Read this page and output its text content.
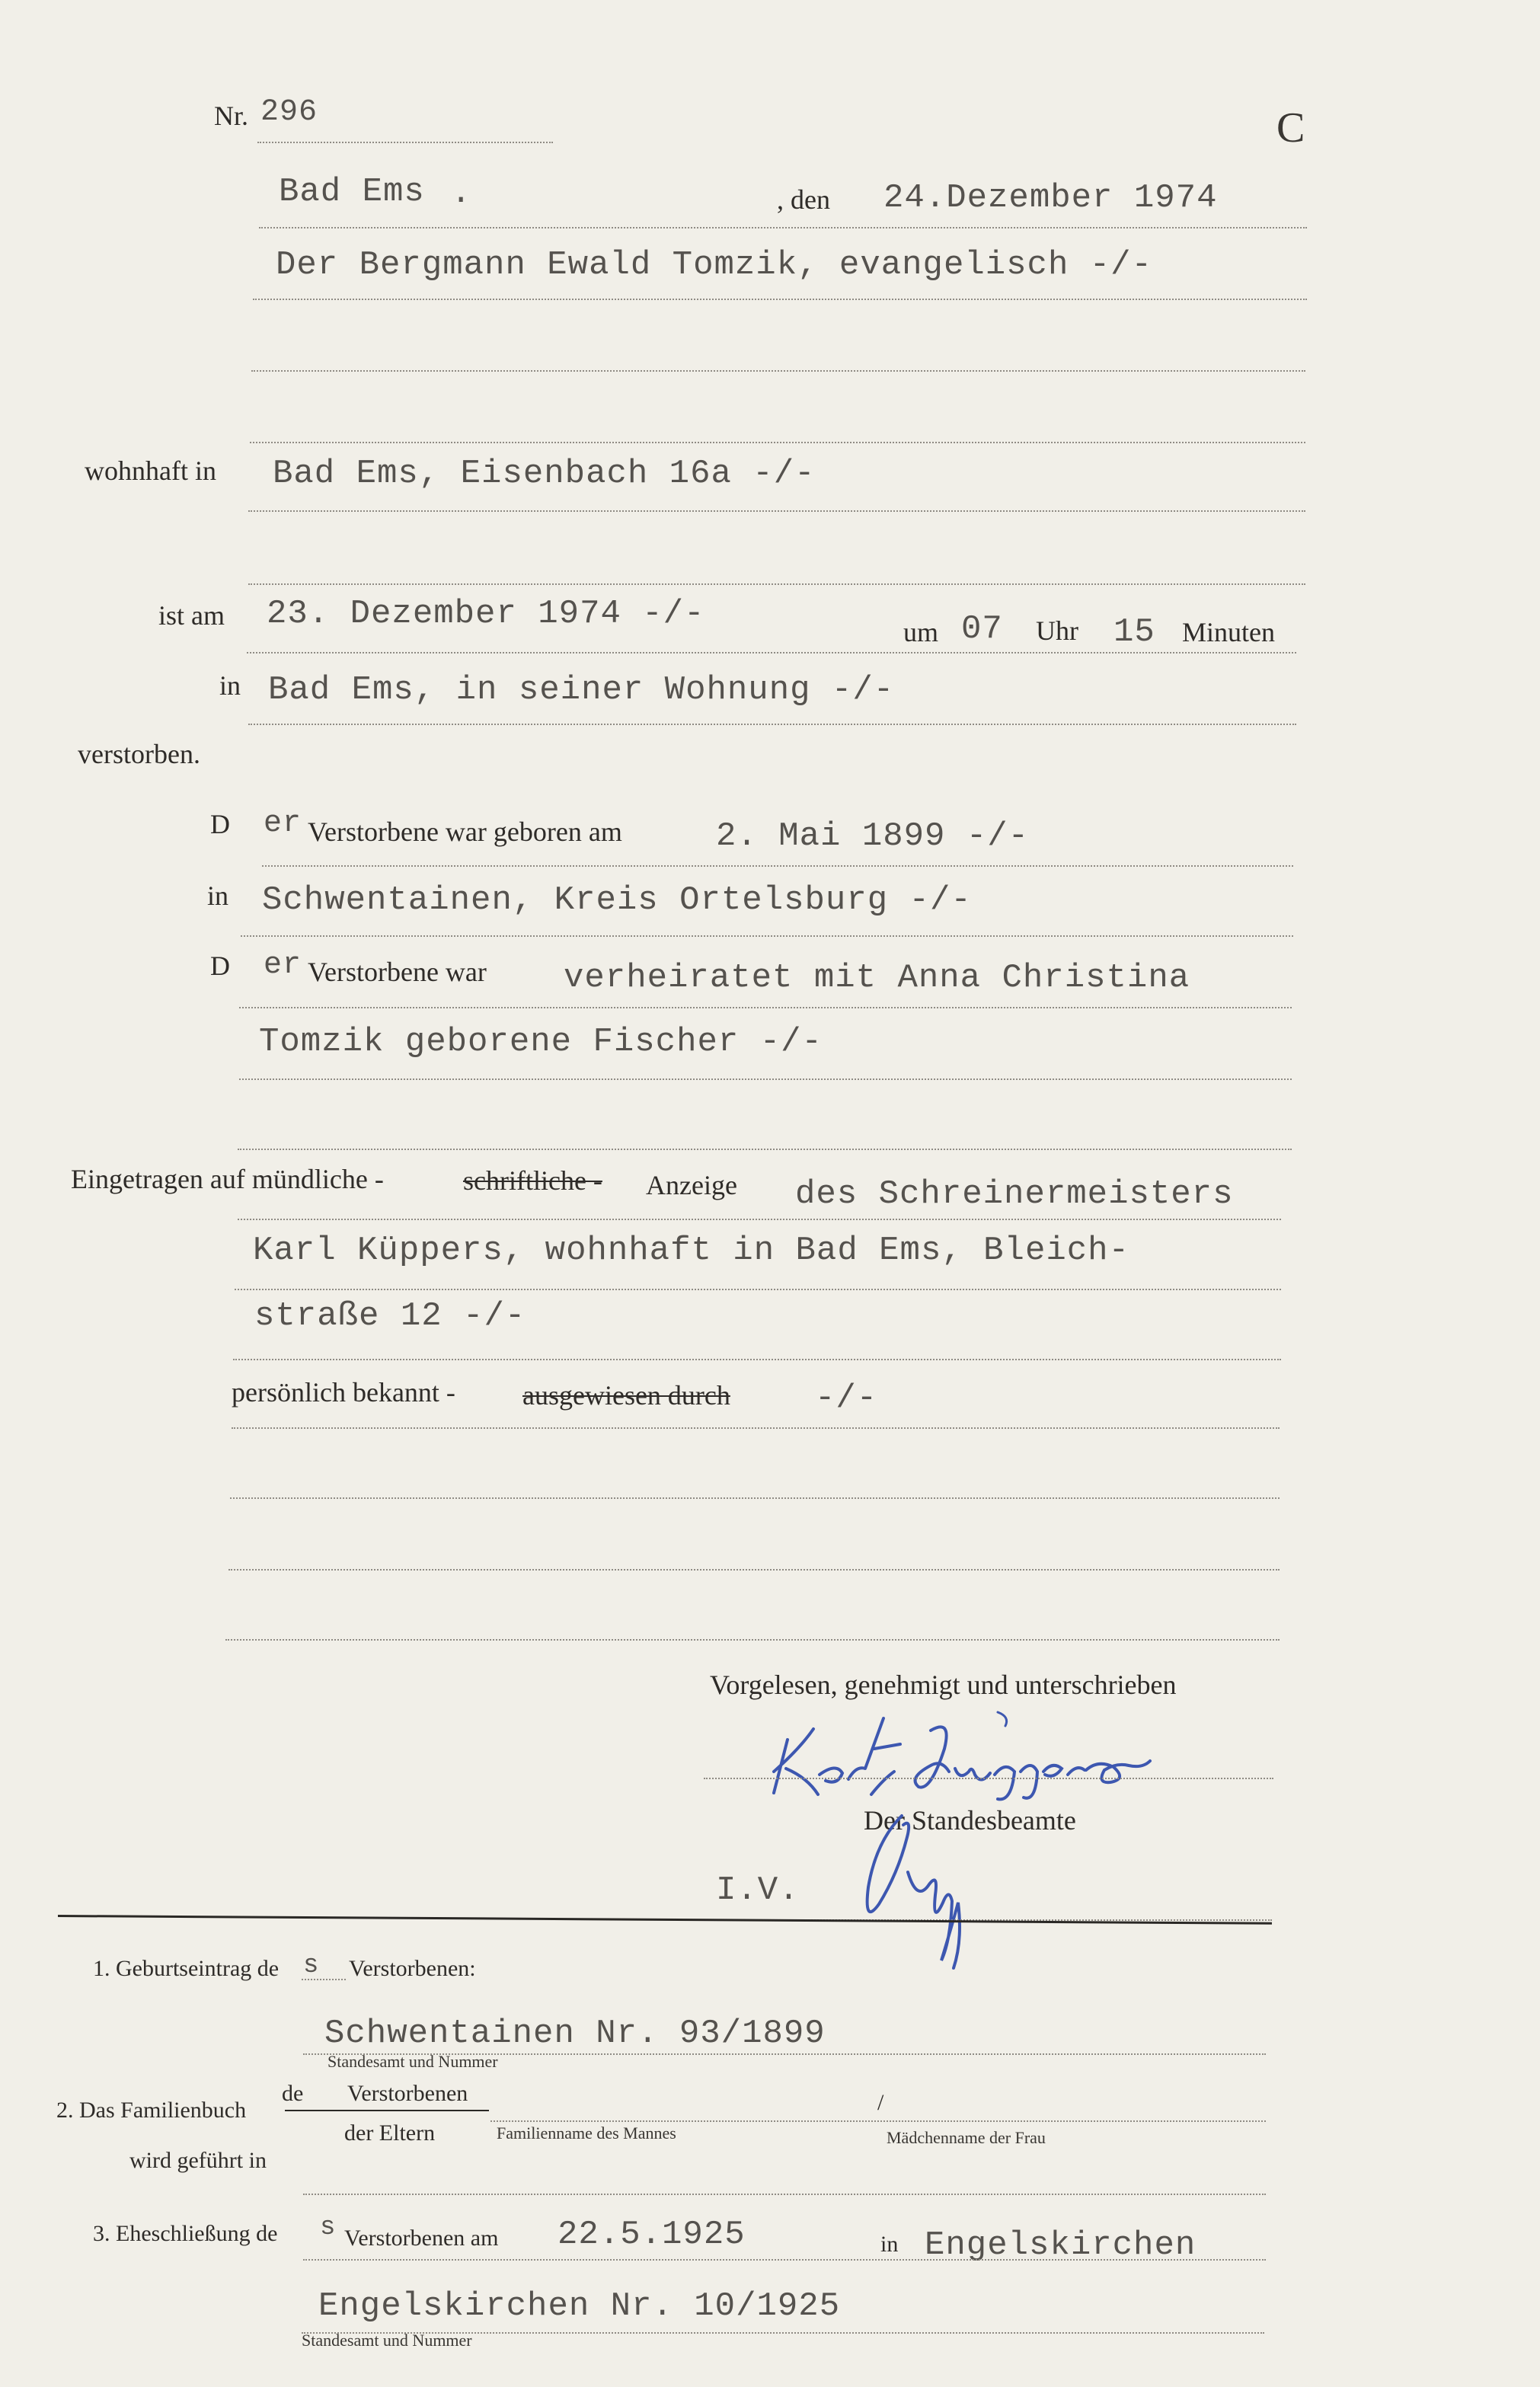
Nr. 296	C
Bad Ems .	, den 24.Dezember 1974
Der Bergmann Ewald Tomzik, evangelisch -/-
wohnhaft in Bad Ems, Eisenbach 16a -/-
ist am 23. Dezember 1974 -/-	um 07 Uhr 15 Minuten
in Bad Ems, in seiner Wohnung -/-
verstorben.
D er Verstorbene war geboren am	2. Mai 1899 -/-
in Schwentainen, Kreis Ortelsburg -/-
D er Verstorbene war verheiratet mit Anna Christina
Tomzik geborene Fischer -/-
Eingetragen auf mündliche -	schriftliche - Anzeige des Schreinermeisters
Karl Küppers, wohnhaft in Bad Ems, Bleich-
straße 12 -/-
persönlich bekannt - ausgewiesen durch	-/-
Vorgelesen, genehmigt und unterschrieben
Der Standesbeamte
I.V.
1. Geburtseintrag de s Verstorbenen:
Schwentainen Nr. 93/1899
Standesamt und Nummer
2. Das Familienbuch
de Verstorbenen
der Eltern	Familienname des Mannes
/
Mädchenname der Frau
wird geführt in
3. Eheschließung de s Verstorbenen am 22.5.1925	in Engelskirchen
Engelskirchen Nr. 10/1925
Standesamt und Nummer
